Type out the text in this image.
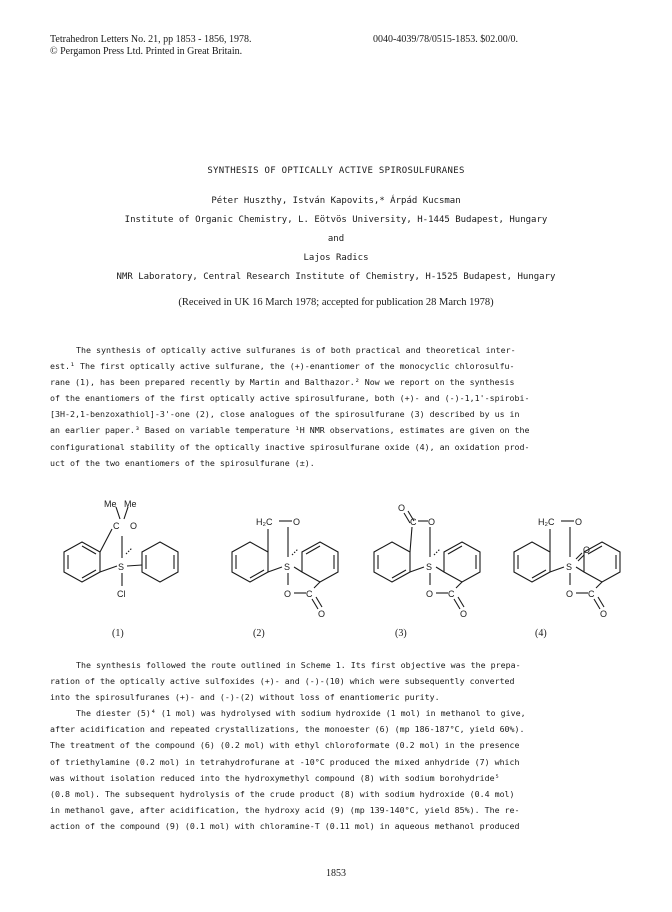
Tetrahedron Letters No. 21, pp 1853 - 1856, 1978.	0040-4039/78/0515-1853. $02.00/0.
© Pergamon Press Ltd. Printed in Great Britain.
SYNTHESIS OF OPTICALLY ACTIVE SPIROSULFURANES
Péter Huszthy, István Kapovits,* Árpád Kucsman
Institute of Organic Chemistry, L. Eötvös University, H-1445 Budapest, Hungary
and
Lajos Radics
NMR Laboratory, Central Research Institute of Chemistry, H-1525 Budapest, Hungary
(Received in UK 16 March 1978; accepted for publication 28 March 1978)
The synthesis of optically active sulfuranes is of both practical and theoretical inter-
est.¹ The first optically active sulfurane, the (+)-enantiomer of the monocyclic chlorosulfu-
rane (1), has been prepared recently by Martin and Balthazor.² Now we report on the synthesis
of the enantiomers of the first optically active spirosulfurane, both (+)- and (-)-1,1'-spirobi-
[3H-2,1-benzoxathiol]-3'-one (2), close analogues of the spirosulfurane (3) described by us in
an earlier paper.³ Based on variable temperature ¹H NMR observations, estimates are given on the
configurational stability of the optically inactive spirosulfurane oxide (4), an oxidation prod-
uct of the two enantiomers of the spirosulfurane (±).
Me Me
C O
S
Cl
H₂C O
S
O C
O
O
C O
S
O C
O
H₂C O
S
O
O C
O
(1)	(2)	(3)	(4)
The synthesis followed the route outlined in Scheme 1. Its first objective was the prepa-
ration of the optically active sulfoxides (+)- and (-)-(10) which were subsequently converted
into the spirosulfuranes (+)- and (-)-(2) without loss of enantiomeric purity.
The diester (5)⁴ (1 mol) was hydrolysed with sodium hydroxide (1 mol) in methanol to give,
after acidification and repeated crystallizations, the monoester (6) (mp 186-187°C, yield 60%).
The treatment of the compound (6) (0.2 mol) with ethyl chloroformate (0.2 mol) in the presence
of triethylamine (0.2 mol) in tetrahydrofurane at -10°C produced the mixed anhydride (7) which
was without isolation reduced into the hydroxymethyl compound (8) with sodium borohydride⁵
(0.8 mol). The subsequent hydrolysis of the crude product (8) with sodium hydroxide (0.4 mol)
in methanol gave, after acidification, the hydroxy acid (9) (mp 139-140°C, yield 85%). The re-
action of the compound (9) (0.1 mol) with chloramine-T (0.11 mol) in aqueous methanol produced
1853
